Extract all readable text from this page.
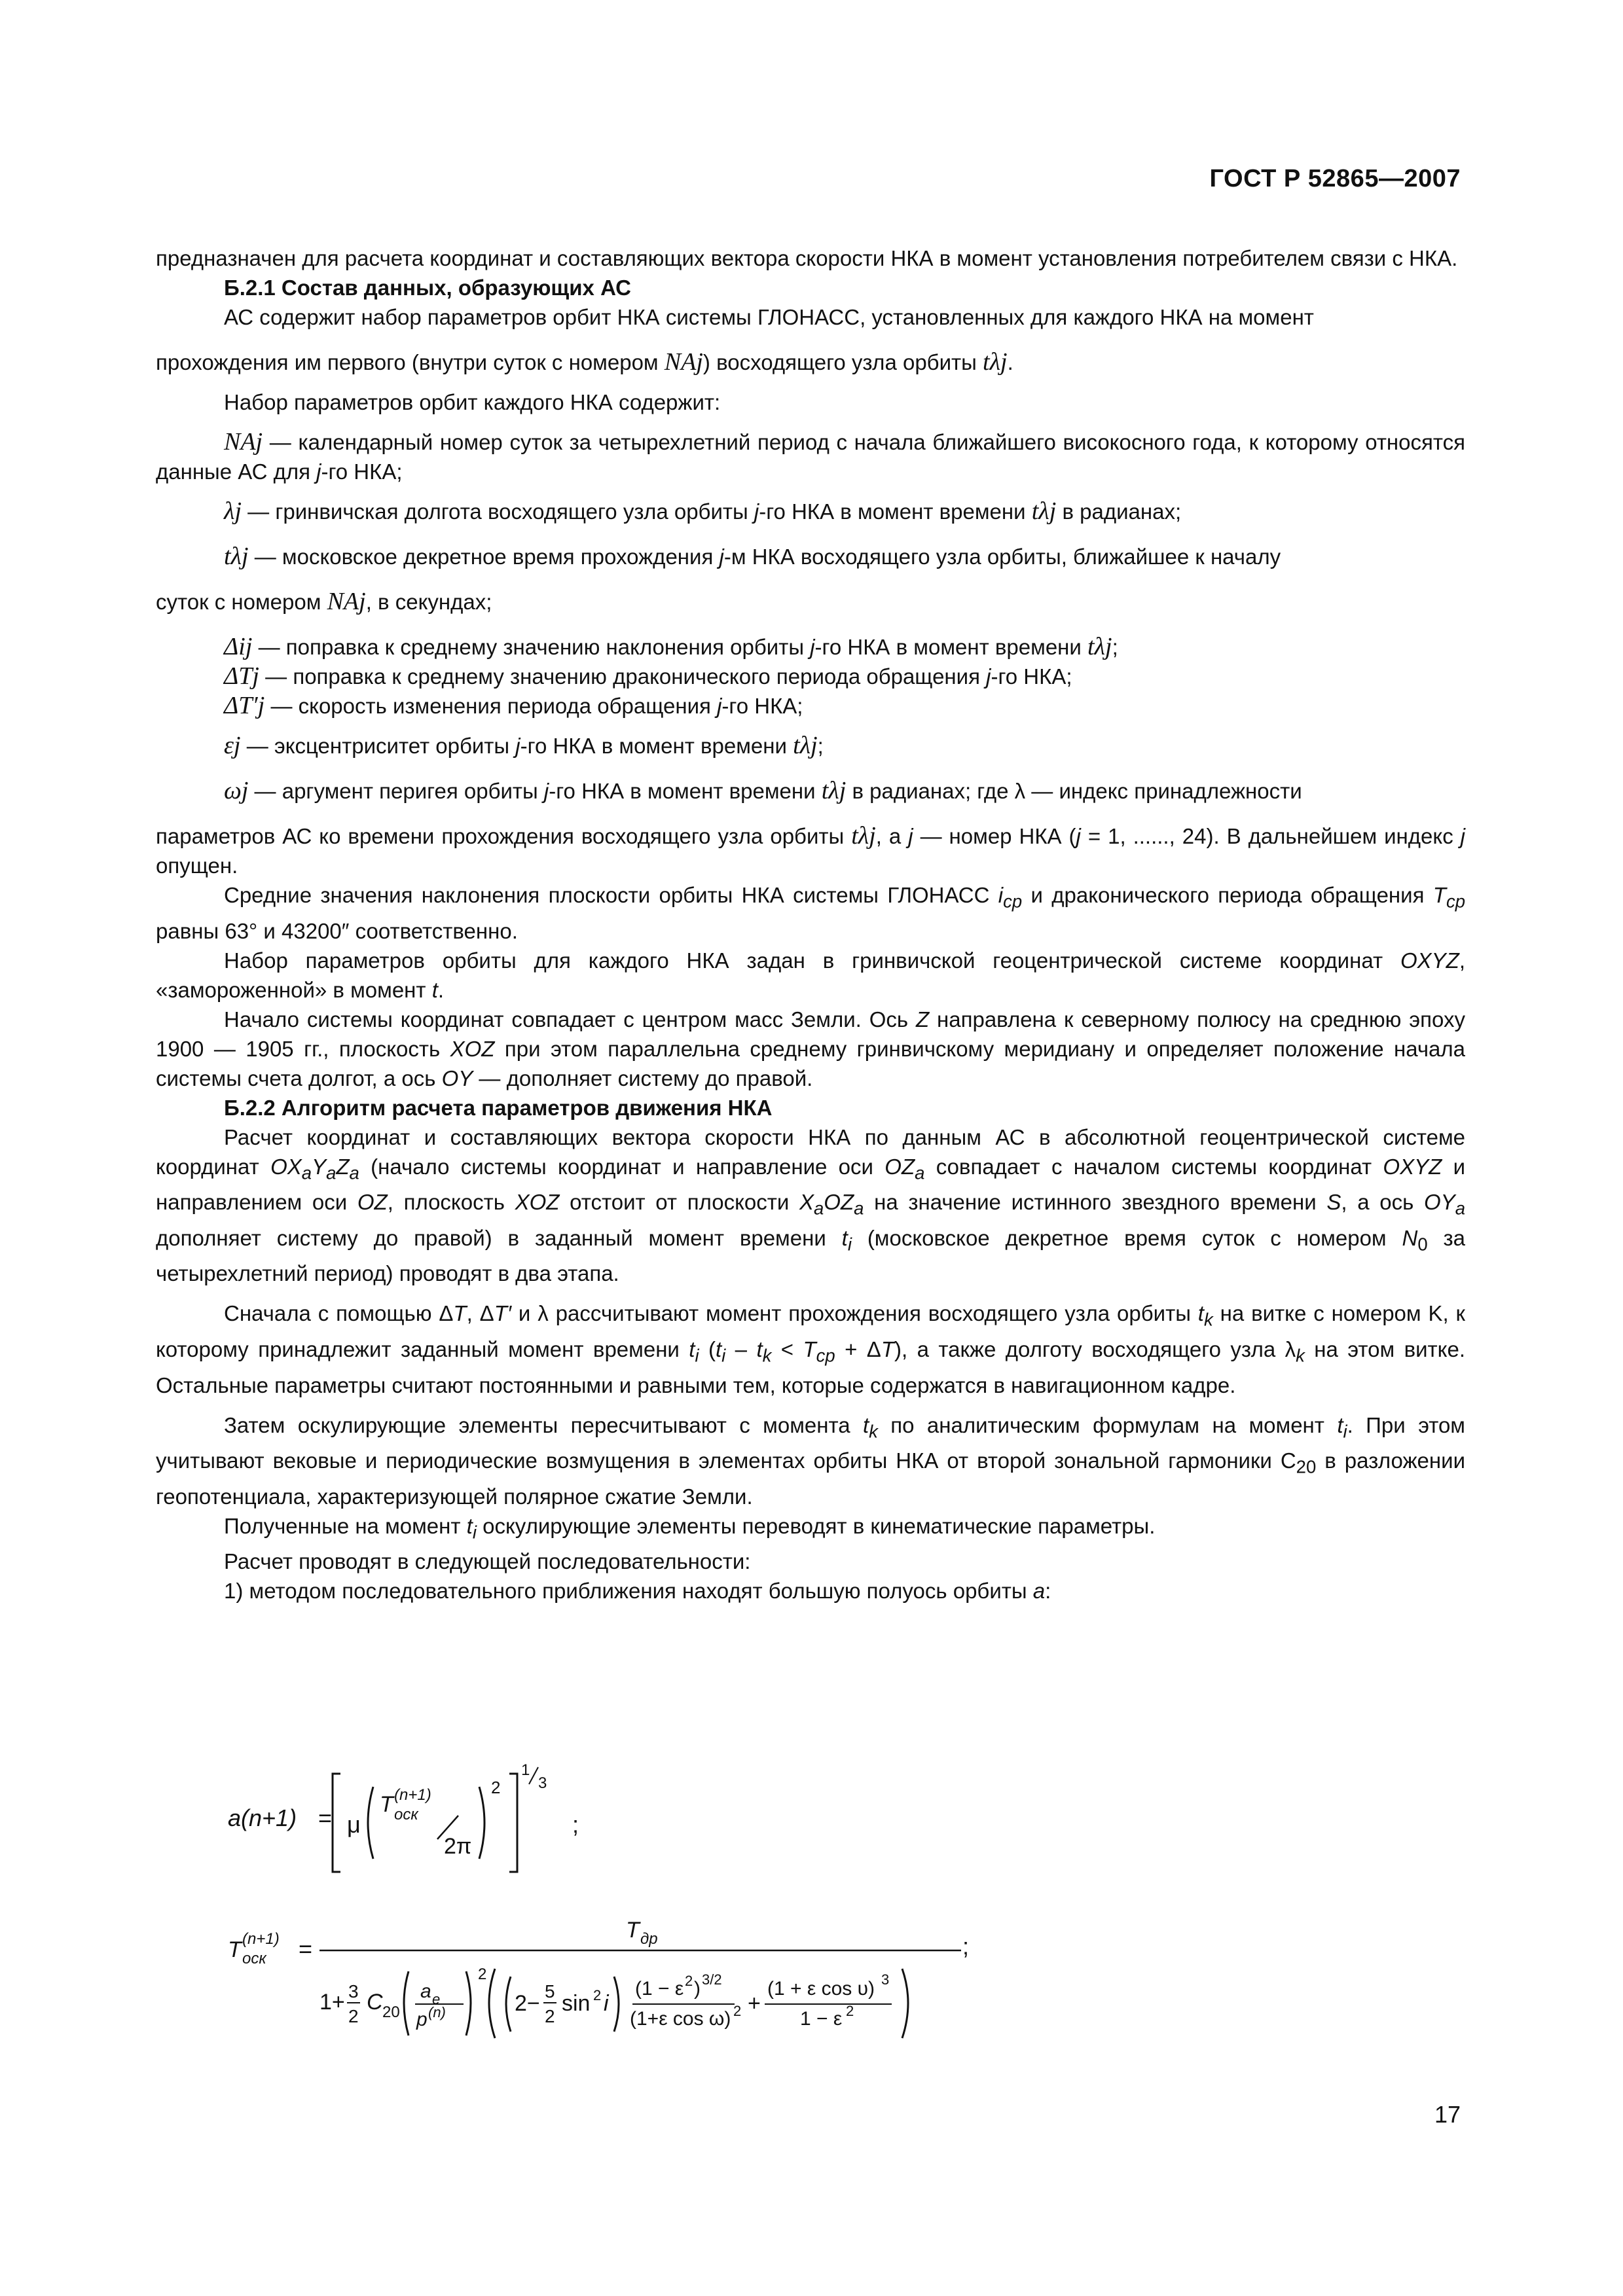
ГОСТ Р 52865—2007

предназначен для расчета координат и составляющих вектора скорости НКА в момент установления потребителем связи с НКА.

Б.2.1 Состав данных, образующих АС

АС содержит набор параметров орбит НКА системы ГЛОНАСС, установленных для каждого НКА на момент

прохождения им первого (внутри суток с номером NAj) восходящего узла орбиты tλj.

Набор параметров орбит каждого НКА содержит:

NAj — календарный номер суток за четырехлетний период с начала ближайшего високосного года, к которому относятся данные АС для j-го НКА;

λj — гринвичская долгота восходящего узла орбиты j-го НКА в момент времени tλj в радианах;

tλj — московское декретное время прохождения j-м НКА восходящего узла орбиты, ближайшее к началу

суток с номером NAj, в секундах;

Δij — поправка к среднему значению наклонения орбиты j-го НКА в момент времени tλj;

ΔTj — поправка к среднему значению драконического периода обращения j-го НКА;

ΔT′j — скорость изменения периода обращения j-го НКА;

εj — эксцентриситет орбиты j-го НКА в момент времени tλj;

ωj — аргумент перигея орбиты j-го НКА в момент времени tλj в радианах; где λ — индекс принадлежности

параметров АС ко времени прохождения восходящего узла орбиты tλj, а j — номер НКА (j = 1, ......, 24). В дальнейшем индекс j опущен.

Средние значения наклонения плоскости орбиты НКА системы ГЛОНАСС $i_{ср}$ и драконического периода обращения $T_{ср}$ равны 63° и 43200″ соответственно.

Набор параметров орбиты для каждого НКА задан в гринвичской геоцентрической системе координат OXYZ, «замороженной» в момент t.

Начало системы координат совпадает с центром масс Земли. Ось Z направлена к северному полюсу на среднюю эпоху 1900 — 1905 гг., плоскость XOZ при этом параллельна среднему гринвичскому меридиану и определяет положение начала системы счета долгот, а ось OY — дополняет систему до правой.

Б.2.2 Алгоритм расчета параметров движения НКА

Расчет координат и составляющих вектора скорости НКА по данным АС в абсолютной геоцентрической системе координат $OX_aY_aZ_a$ (начало системы координат и направление оси $OZ_a$ совпадает с началом системы координат OXYZ и направлением оси OZ, плоскость XOZ отстоит от плоскости $X_aOZ_a$ на значение истинного звездного времени S, а ось $OY_a$ дополняет систему до правой) в заданный момент времени $t_i$ (московское декретное время суток с номером $N_0$ за четырехлетний период) проводят в два этапа.

Сначала с помощью ΔT, ΔT′ и λ рассчитывают момент прохождения восходящего узла орбиты $t_k$ на витке с номером K, к которому принадлежит заданный момент времени $t_i$ $(t_i - t_k < T_{ср} + \Delta T)$, а также долготу восходящего узла $\lambda_k$ на этом витке. Остальные параметры считают постоянными и равными тем, которые содержатся в навигационном кадре.

Затем оскулирующие элементы пересчитывают с момента $t_k$ по аналитическим формулам на момент $t_i$. При этом учитывают вековые и периодические возмущения в элементах орбиты НКА от второй зональной гармоники $С_{20}$ в разложении геопотенциала, характеризующей полярное сжатие Земли.

Полученные на момент $t_i$ оскулирующие элементы переводят в кинематические параметры.

Расчет проводят в следующей последовательности:

1) методом последовательного приближения находят большую полуось орбиты a:

a(n+1) = μ
T (n+1)
оск
2π
2
1
3
;
T (n+1)
оск =
T др
1+ 3
2
C 20
a e
p (n)
2
2− 5
2
sin 2 i
(1 − ε 2 ) 3/2
(1+ε cos ω) 2 +
(1 + ε cos υ) 3
1 − ε 2
;
17
